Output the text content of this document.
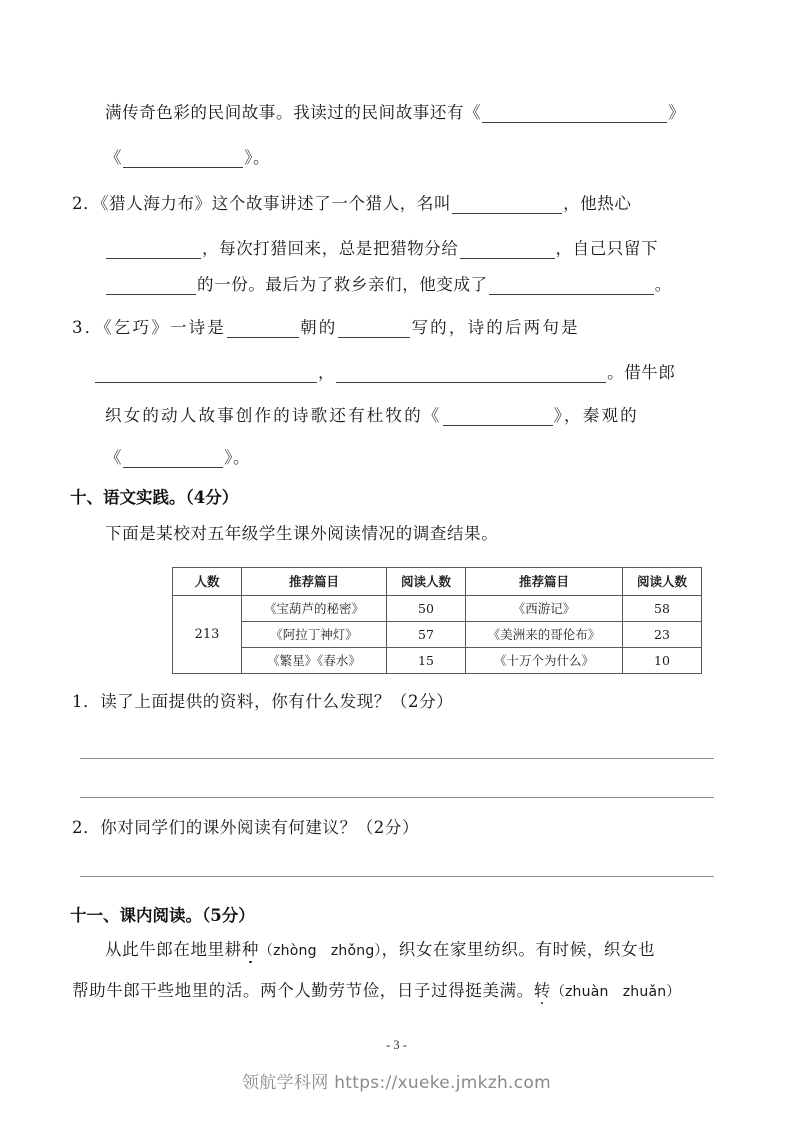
满传奇色彩的民间故事。我读过的民间故事还有《	》
《	》。
2．《猎人海力布》这个故事讲述了一个猎人，名叫	，他热心
，每次打猎回来，总是把猎物分给	，自己只留下
的一份。最后为了救乡亲们，他变成了	。
3．《乞巧》一诗是	朝的	写的，诗的后两句是
，	。借牛郎
织女的动人故事创作的诗歌还有杜牧的《	》，秦观的
《	》。
十、语文实践。（4分）
下面是某校对五年级学生课外阅读情况的调查结果。
人数	推荐篇目	阅读人数	推荐篇目	阅读人数
213	《宝葫芦的秘密》	50	《西游记》	58
	《阿拉丁神灯》	57	《美洲来的哥伦布》	23
	《繁星》《春水》	15	《十万个为什么》	10
1．读了上面提供的资料，你有什么发现？（2分）
2．你对同学们的课外阅读有何建议？（2分）
十一、课内阅读。（5分）
从此牛郎在地里耕种（zhòng　zhǒng），织女在家里纺织。有时候，织女也
帮助牛郎干些地里的活。两个人勤劳节俭，日子过得挺美满。转（zhuàn　zhuǎn）
- 3 -
领航学科网 https://xueke.jmkzh.com
